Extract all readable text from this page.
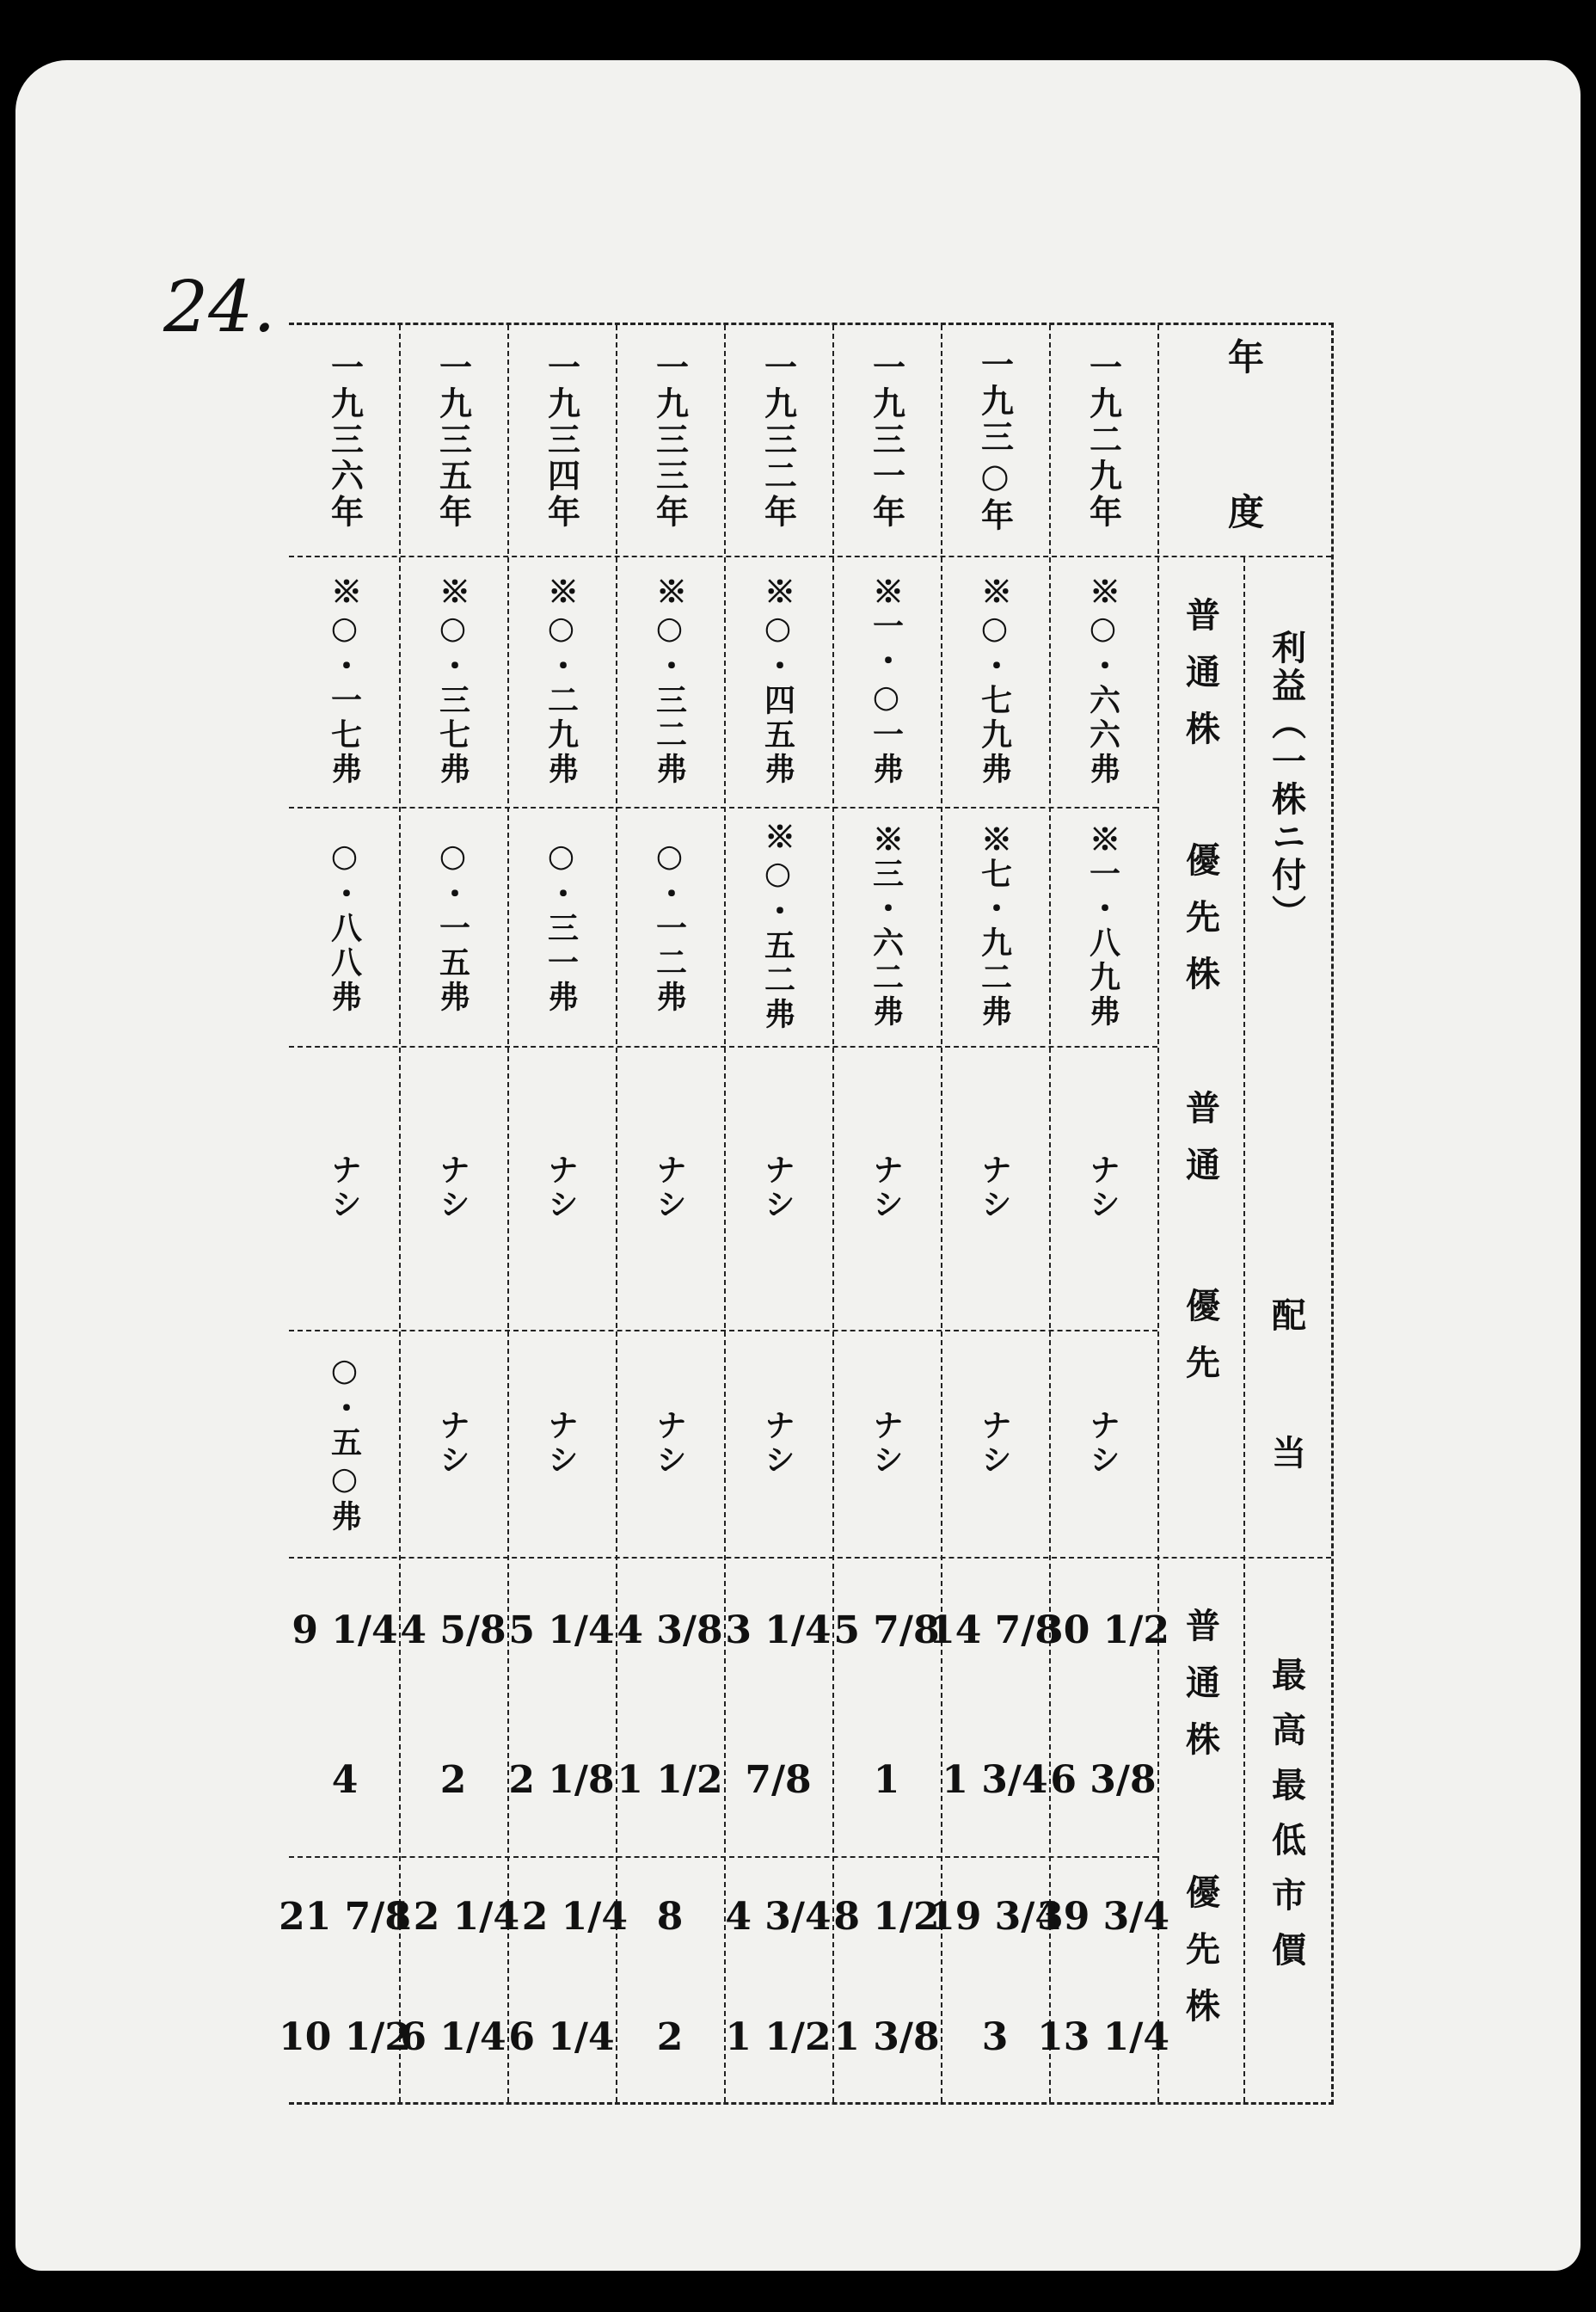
24.
年　　度
利益（一株ニ付）
普通株
優先株
配　当
普通
優先
最高最低市價
普通株
優先株
一九二九年
※○・六六弗
※一・八九弗
ナシ
ナシ
30 1/2
6 3/8
39 3/4
13 1/4
一九三○年
※○・七九弗
※七・九二弗
ナシ
ナシ
14 7/8
1 3/4
19 3/4
3
一九三一年
※一・○一弗
※三・六二弗
ナシ
ナシ
5 7/8
1
8 1/2
1 3/8
一九三二年
※○・四五弗
※○・五二弗
ナシ
ナシ
3 1/4
7/8
4 3/4
1 1/2
一九三三年
※○・三二弗
○・一二弗
ナシ
ナシ
4 3/8
1 1/2
8
2
一九三四年
※○・二九弗
○・三一弗
ナシ
ナシ
5 1/4
2 1/8
12 1/4
6 1/4
一九三五年
※○・三七弗
○・一五弗
ナシ
ナシ
4 5/8
2
12 1/4
6 1/4
一九三六年
※○・一七弗
○・八八弗
ナシ
○・五○弗
9 1/4
4
21 7/8
10 1/2
